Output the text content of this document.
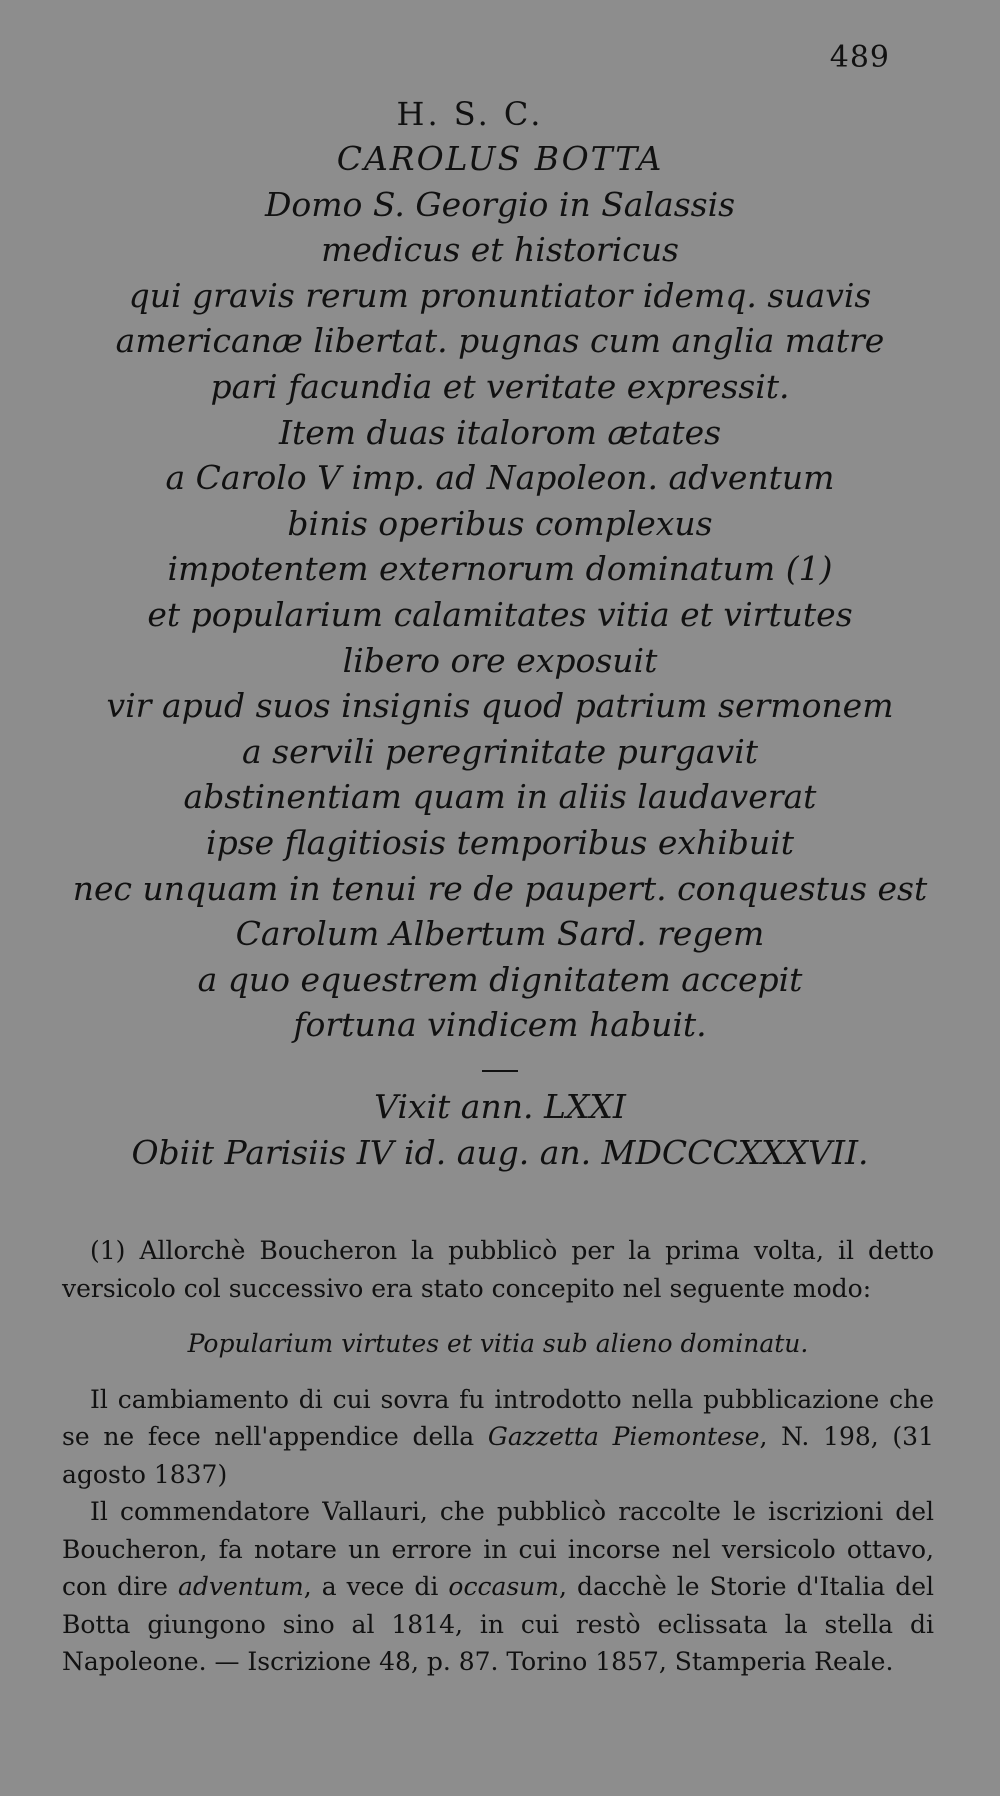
489
H. S. C.
CAROLUS BOTTA
Domo S. Georgio in Salassis
medicus et historicus
qui gravis rerum pronuntiator idemq. suavis
americanæ libertat. pugnas cum anglia matre
pari facundia et veritate expressit.
Item duas italorom ætates
a Carolo V imp. ad Napoleon. adventum
binis operibus complexus
impotentem externorum dominatum (1)
et popularium calamitates vitia et virtutes
libero ore exposuit
vir apud suos insignis quod patrium sermonem
a servili peregrinitate purgavit
abstinentiam quam in aliis laudaverat
ipse flagitiosis temporibus exhibuit
nec unquam in tenui re de paupert. conquestus est
Carolum Albertum Sard. regem
a quo equestrem dignitatem accepit
fortuna vindicem habuit.
Vixit ann. LXXI
Obiit Parisiis IV id. aug. an. MDCCCXXXVII.

(1) Allorchè Boucheron la pubblicò per la prima volta, il detto versicolo col successivo era stato concepito nel seguente modo:

Popularium virtutes et vitia sub alieno dominatu.

Il cambiamento di cui sovra fu introdotto nella pubblicazione che se ne fece nell'appendice della Gazzetta Piemontese, N. 198, (31 agosto 1837)

Il commendatore Vallauri, che pubblicò raccolte le iscrizioni del Boucheron, fa notare un errore in cui incorse nel versicolo ottavo, con dire adventum, a vece di occasum, dacchè le Storie d'Italia del Botta giungono sino al 1814, in cui restò eclissata la stella di Napoleone. — Iscrizione 48, p. 87. Torino 1857, Stamperia Reale.
